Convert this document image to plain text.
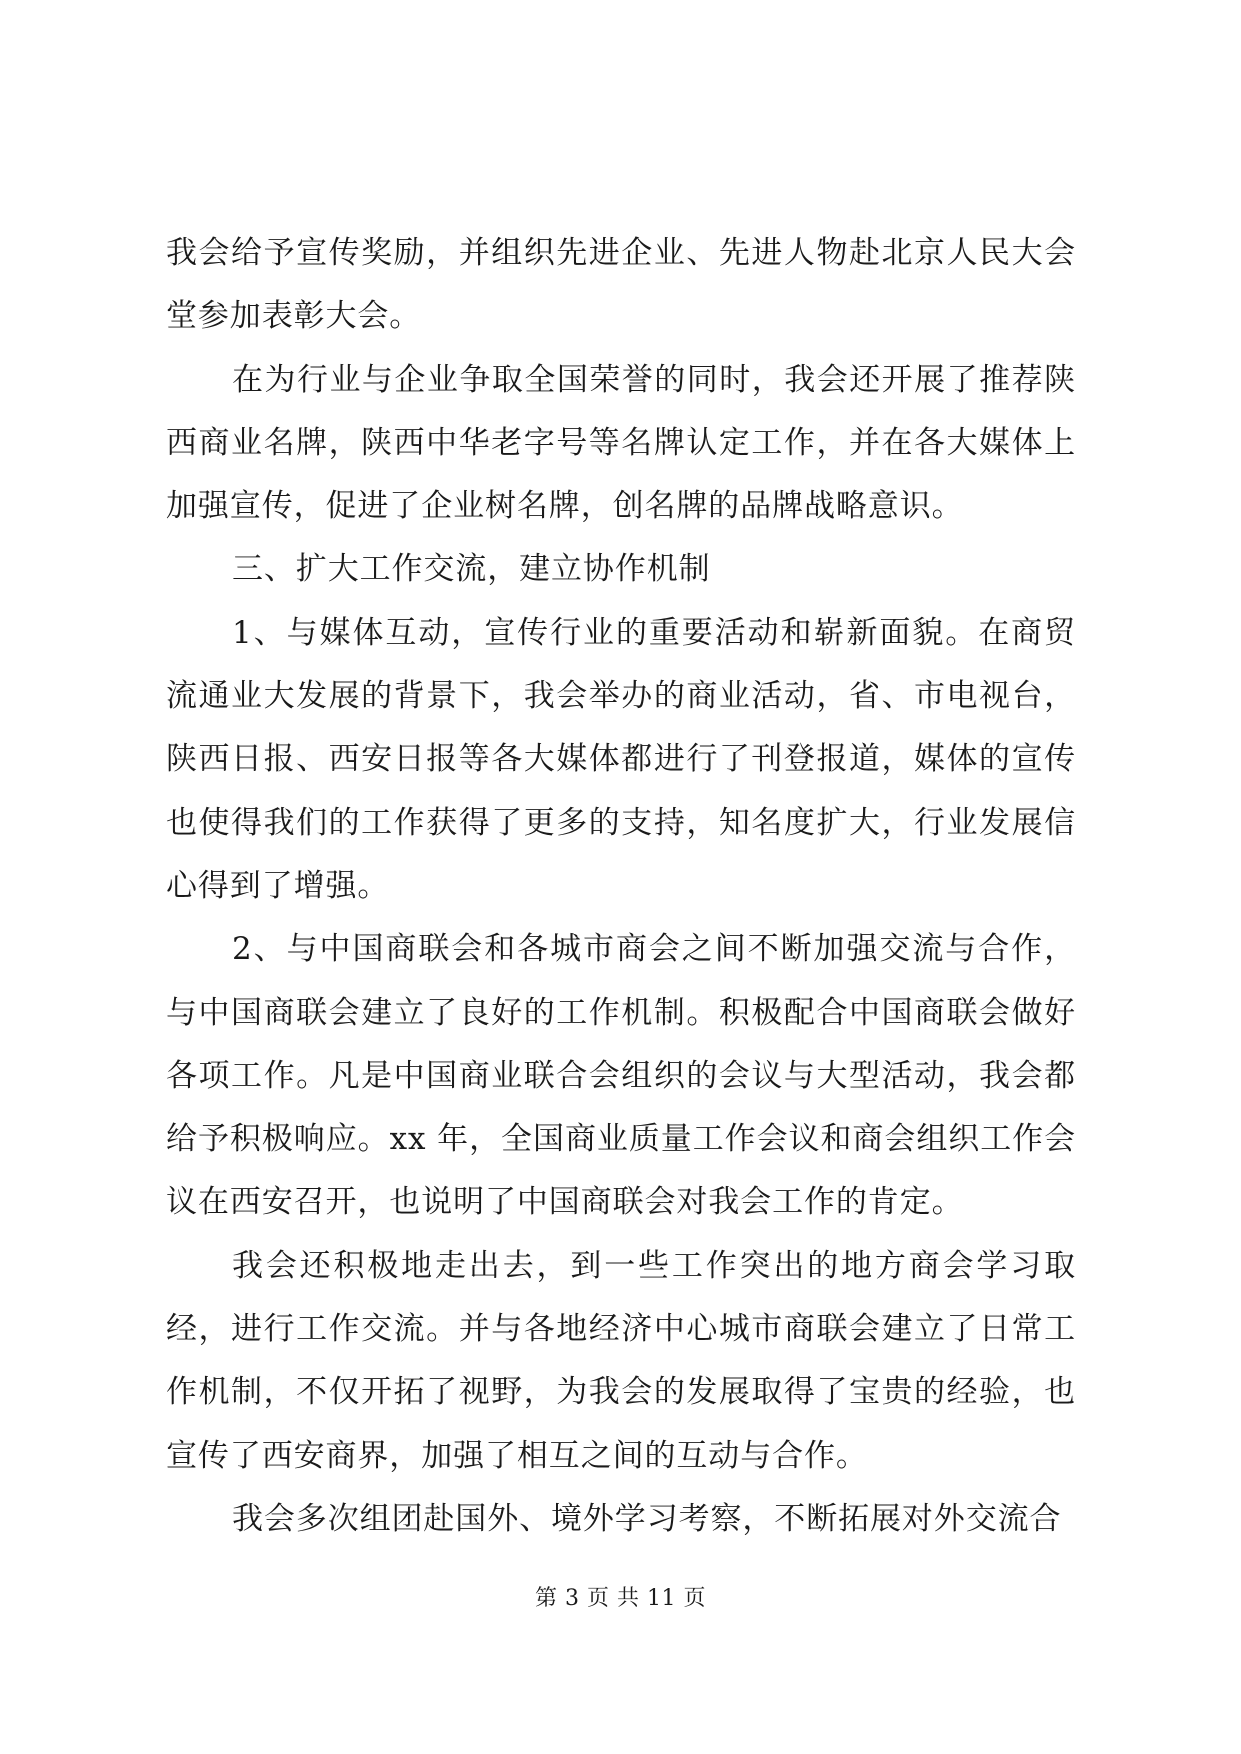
我会给予宣传奖励，并组织先进企业、先进人物赴北京人民大会堂参加表彰大会。

在为行业与企业争取全国荣誉的同时，我会还开展了推荐陕西商业名牌，陕西中华老字号等名牌认定工作，并在各大媒体上加强宣传，促进了企业树名牌，创名牌的品牌战略意识。

三、扩大工作交流，建立协作机制

1、与媒体互动，宣传行业的重要活动和崭新面貌。在商贸流通业大发展的背景下，我会举办的商业活动，省、市电视台，陕西日报、西安日报等各大媒体都进行了刊登报道，媒体的宣传也使得我们的工作获得了更多的支持，知名度扩大，行业发展信心得到了增强。

2、与中国商联会和各城市商会之间不断加强交流与合作，与中国商联会建立了良好的工作机制。积极配合中国商联会做好各项工作。凡是中国商业联合会组织的会议与大型活动，我会都给予积极响应。xx 年，全国商业质量工作会议和商会组织工作会议在西安召开，也说明了中国商联会对我会工作的肯定。

我会还积极地走出去，到一些工作突出的地方商会学习取经，进行工作交流。并与各地经济中心城市商联会建立了日常工作机制，不仅开拓了视野，为我会的发展取得了宝贵的经验，也宣传了西安商界，加强了相互之间的互动与合作。

我会多次组团赴国外、境外学习考察，不断拓展对外交流合

第 3 页 共 11 页
